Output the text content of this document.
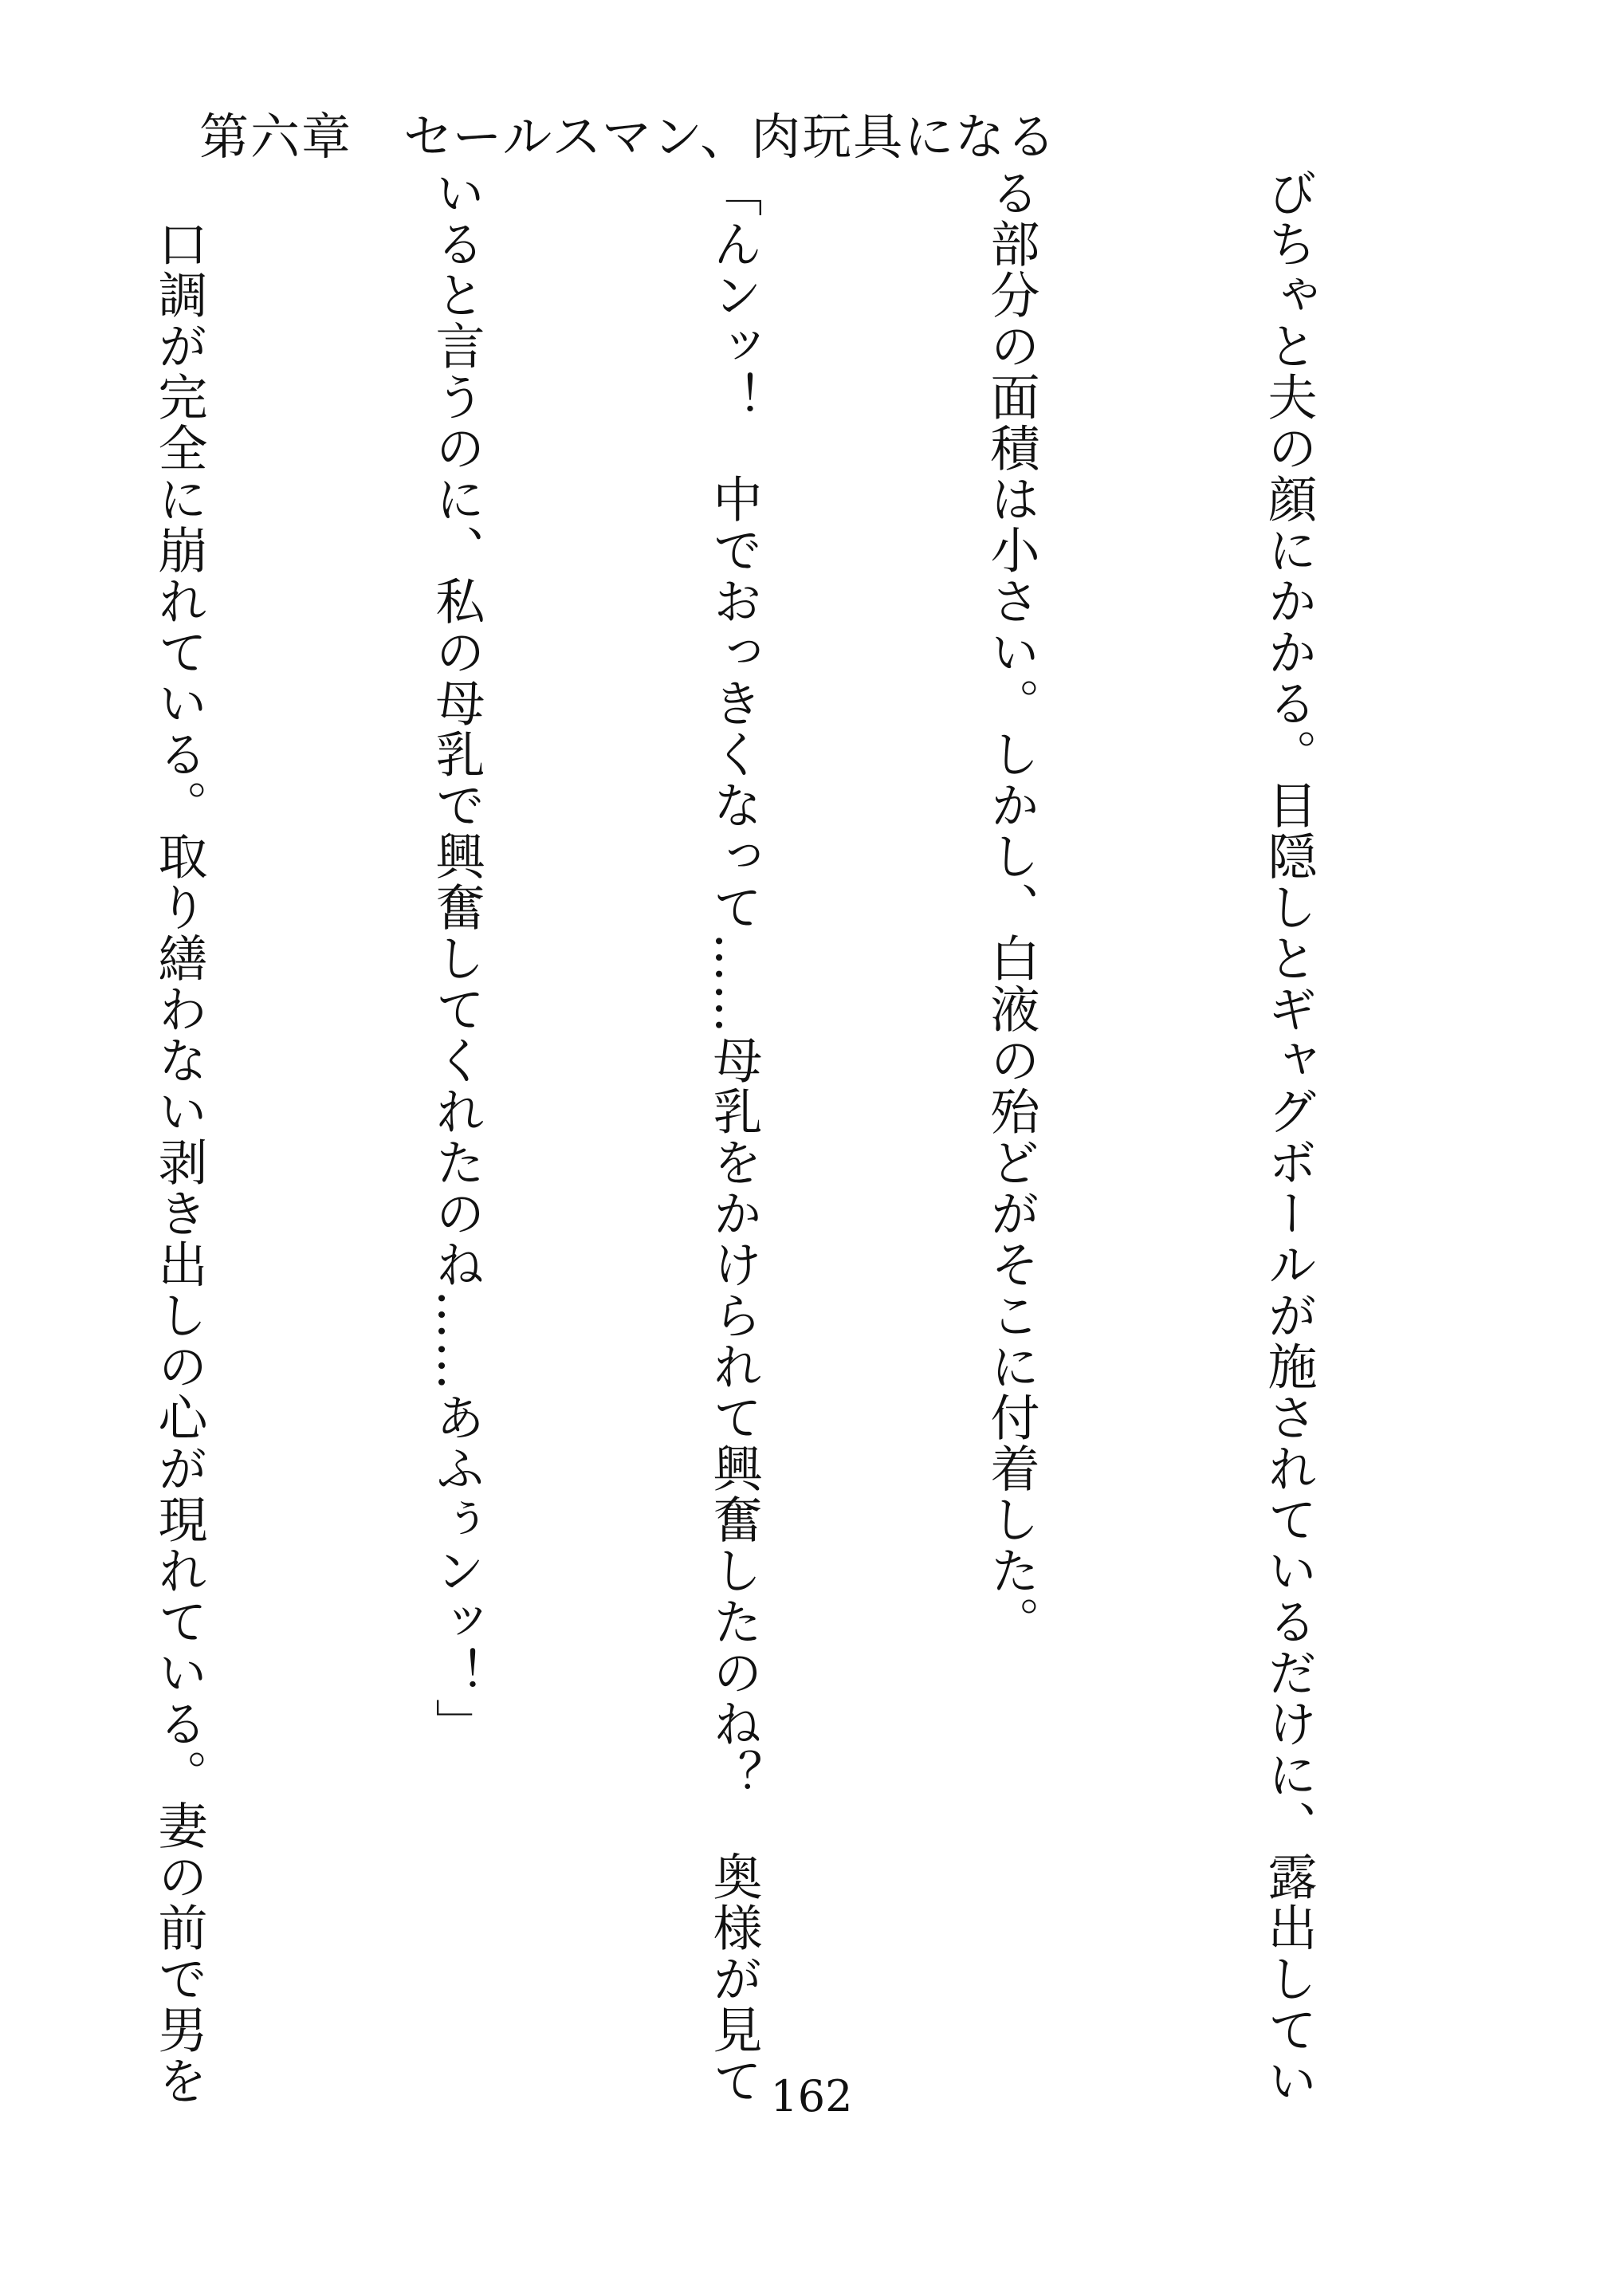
第六章　セールスマン、肉玩具になる

びちゃと夫の顔にかかる。目隠しとギャグボールが施されているだけに、露出してい

る部分の面積は小さい。しかし、白液の殆どがそこに付着した。

「んンッ！　中でおっきくなって……母乳をかけられて興奮したのね？　奥様が見て

いると言うのに、私の母乳で興奮してくれたのね……あふぅンッ！」

　口調が完全に崩れている。取り繕わない剥き出しの心が現れている。妻の前で男を

	162
